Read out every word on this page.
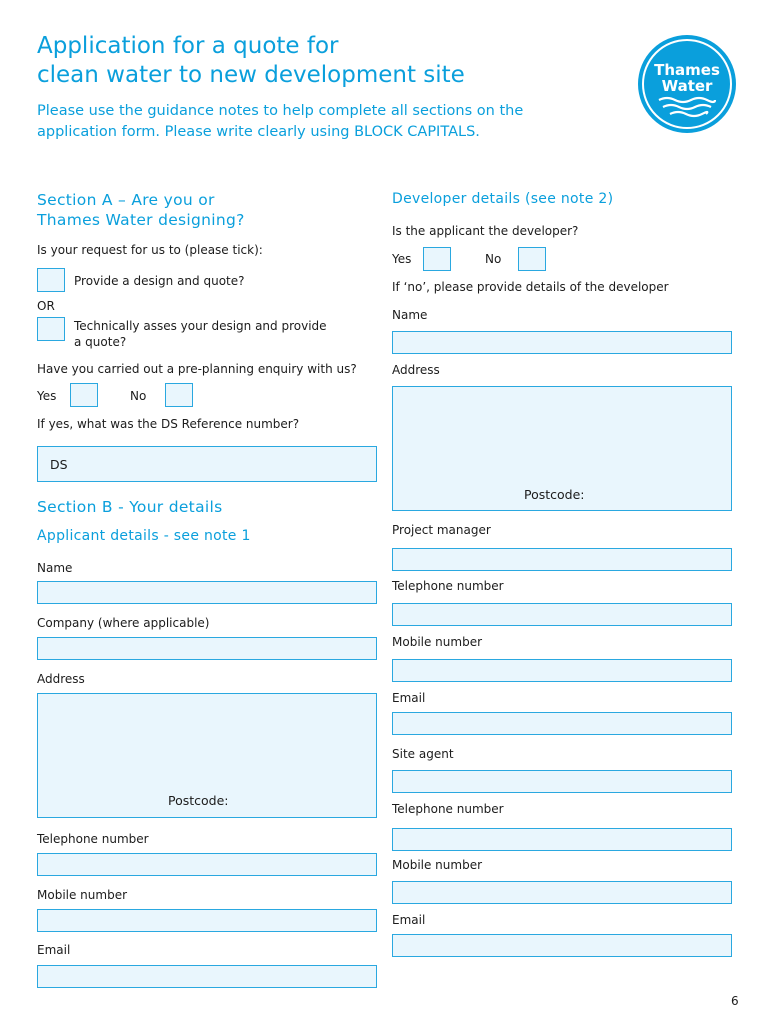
Application for a quote for
clean water to new development site
Please use the guidance notes to help complete all sections on the
application form. Please write clearly using BLOCK CAPITALS.
Thames
Water
Section A – Are you or
Thames Water designing?
Is your request for us to (please tick):
Provide a design and quote?
OR
Technically asses your design and provide
a quote?
Have you carried out a pre-planning enquiry with us?
Yes	No
If yes, what was the DS Reference number?
DS
Section B - Your details
Applicant details - see note 1
Name
Company (where applicable)
Address
Postcode:
Telephone number
Mobile number
Email
Developer details (see note 2)
Is the applicant the developer?
Yes	No
If ‘no’, please provide details of the developer
Name
Address
Postcode:
Project manager
Telephone number
Mobile number
Email
Site agent
Telephone number
Mobile number
Email
6
